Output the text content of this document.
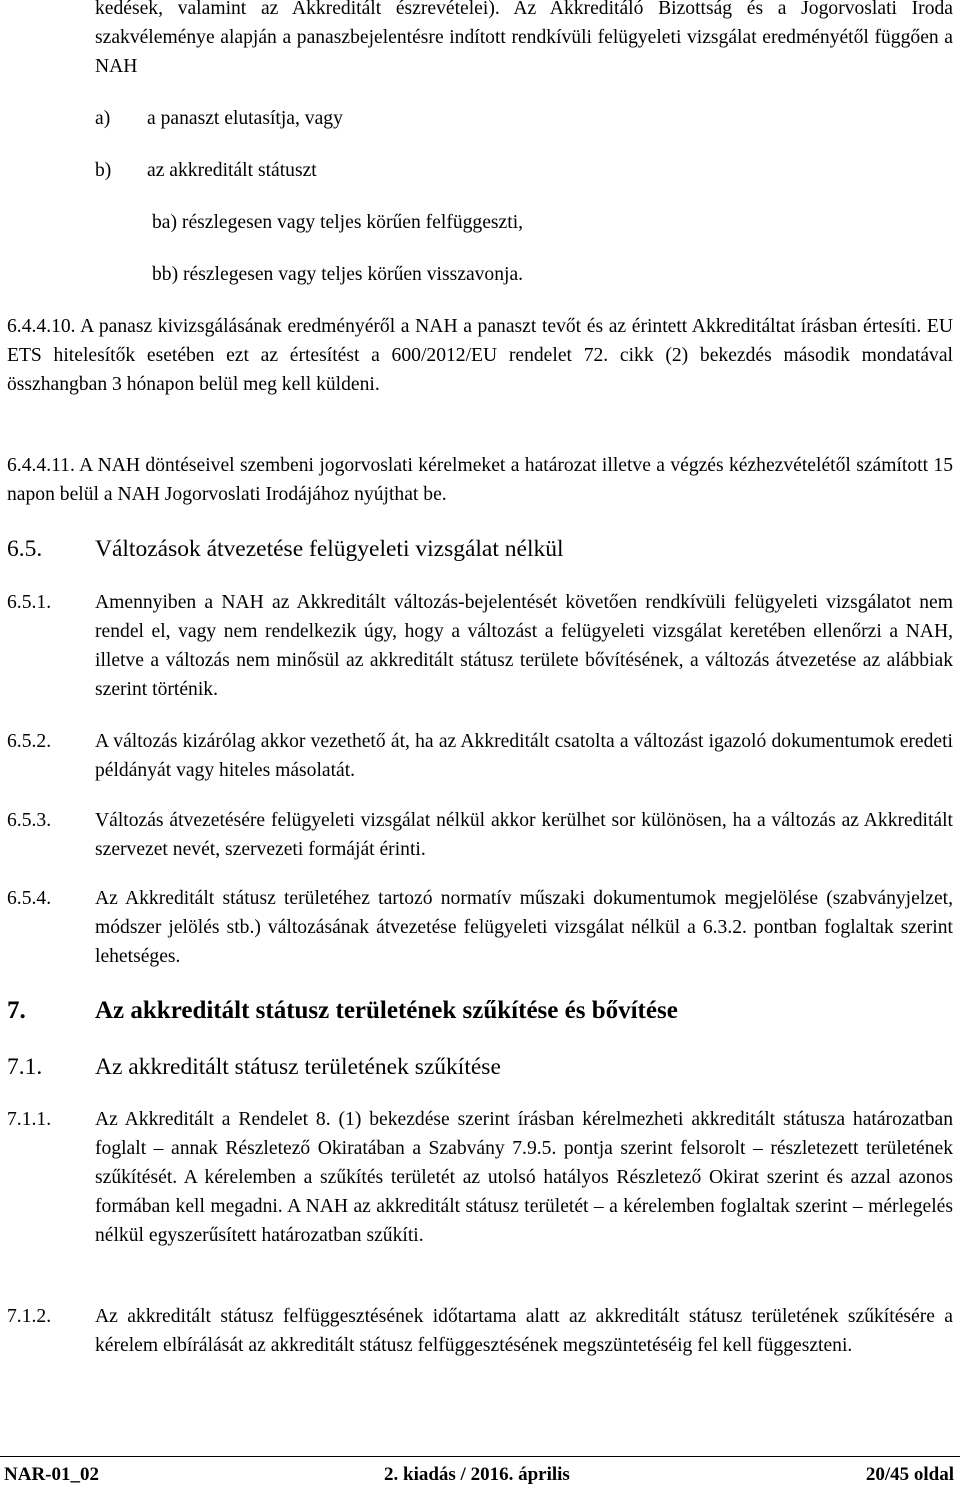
kedések, valamint az Akkreditált észrevételei). Az Akkreditáló Bizottság és a Jogorvoslati Iroda szakvéleménye alapján a panaszbejelentésre indított rendkívüli felügyeleti vizsgálat eredményétől függően a NAH

a) a panaszt elutasítja, vagy
b) az akkreditált státuszt
ba) részlegesen vagy teljes körűen felfüggeszti,
bb) részlegesen vagy teljes körűen visszavonja.

6.4.4.10. A panasz kivizsgálásának eredményéről a NAH a panaszt tevőt és az érintett Akkreditáltat írásban értesíti. EU ETS hitelesítők esetében ezt az értesítést a 600/2012/EU rendelet 72. cikk (2) bekezdés második mondatával összhangban 3 hónapon belül meg kell küldeni.

6.4.4.11. A NAH döntéseivel szembeni jogorvoslati kérelmeket a határozat illetve a végzés kézhezvételétől számított 15 napon belül a NAH Jogorvoslati Irodájához nyújthat be.

6.5. Változások átvezetése felügyeleti vizsgálat nélkül
6.5.1. Amennyiben a NAH az Akkreditált változás-bejelentését követően rendkívüli felügyeleti vizsgálatot nem rendel el, vagy nem rendelkezik úgy, hogy a változást a felügyeleti vizsgálat keretében ellenőrzi a NAH, illetve a változás nem minősül az akkreditált státusz területe bővítésének, a változás átvezetése az alábbiak szerint történik.

6.5.2. A változás kizárólag akkor vezethető át, ha az Akkreditált csatolta a változást igazoló dokumentumok eredeti példányát vagy hiteles másolatát.

6.5.3. Változás átvezetésére felügyeleti vizsgálat nélkül akkor kerülhet sor különösen, ha a változás az Akkreditált szervezet nevét, szervezeti formáját érinti.

6.5.4. Az Akkreditált státusz területéhez tartozó normatív műszaki dokumentumok megjelölése (szabványjelzet, módszer jelölés stb.) változásának átvezetése felügyeleti vizsgálat nélkül a 6.3.2. pontban foglaltak szerint lehetséges.

7.	Az akkreditált státusz területének szűkítése és bővítése
7.1. Az akkreditált státusz területének szűkítése
7.1.1. Az Akkreditált a Rendelet 8. (1) bekezdése szerint írásban kérelmezheti akkreditált státusza határozatban foglalt – annak Részletező Okiratában a Szabvány 7.9.5. pontja szerint felsorolt – részletezett területének szűkítését. A kérelemben a szűkítés területét az utolsó hatályos Részletező Okirat szerint és azzal azonos formában kell megadni. A NAH az akkreditált státusz területét – a kérelemben foglaltak szerint – mérlegelés nélkül egyszerűsített határozatban szűkíti.

7.1.2. Az akkreditált státusz felfüggesztésének időtartama alatt az akkreditált státusz területének szűkítésére a kérelem elbírálását az akkreditált státusz felfüggesztésének megszüntetéséig fel kell függeszteni.

NAR-01_02	2. kiadás / 2016. április	20/45 oldal
